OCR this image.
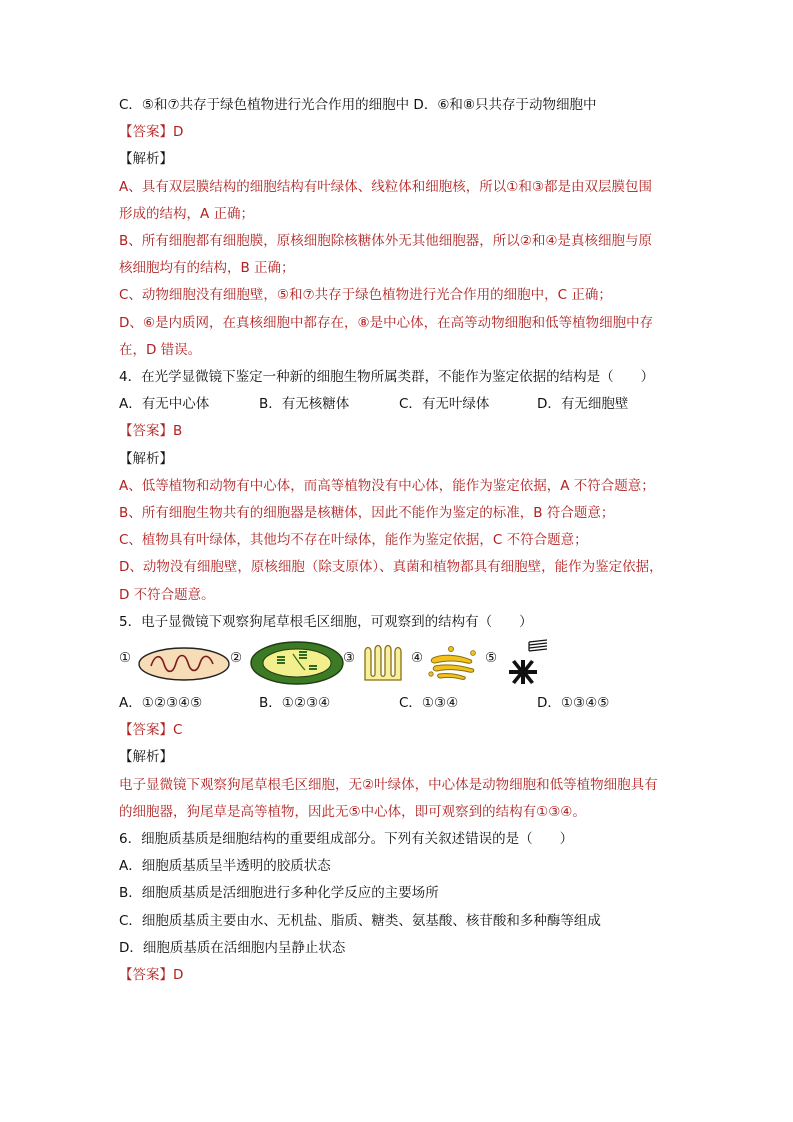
C．⑤和⑦共存于绿色植物进行光合作用的细胞中 D．⑥和⑧只共存于动物细胞中
【答案】D
【解析】
A、具有双层膜结构的细胞结构有叶绿体、线粒体和细胞核，所以①和③都是由双层膜包围
形成的结构，A 正确；
B、所有细胞都有细胞膜，原核细胞除核糖体外无其他细胞器，所以②和④是真核细胞与原
核细胞均有的结构，B 正确；
C、动物细胞没有细胞壁，⑤和⑦共存于绿色植物进行光合作用的细胞中，C 正确；
D、⑥是内质网，在真核细胞中都存在，⑧是中心体，在高等动物细胞和低等植物细胞中存
在，D 错误。
4．在光学显微镜下鉴定一种新的细胞生物所属类群，不能作为鉴定依据的结构是（　　）
A．有无中心体	B．有无核糖体	C．有无叶绿体	D．有无细胞壁
【答案】B
【解析】
A、低等植物和动物有中心体，而高等植物没有中心体，能作为鉴定依据，A 不符合题意；
B、所有细胞生物共有的细胞器是核糖体，因此不能作为鉴定的标准，B 符合题意；
C、植物具有叶绿体，其他均不存在叶绿体，能作为鉴定依据，C 不符合题意；
D、动物没有细胞壁，原核细胞（除支原体）、真菌和植物都具有细胞壁，能作为鉴定依据，
D 不符合题意。
5．电子显微镜下观察狗尾草根毛区细胞，可观察到的结构有（　　）
①	②	③	④	⑤
A．①②③④⑤	B．①②③④	C．①③④	D．①③④⑤
【答案】C
【解析】
电子显微镜下观察狗尾草根毛区细胞，无②叶绿体，中心体是动物细胞和低等植物细胞具有
的细胞器，狗尾草是高等植物，因此无⑤中心体，即可观察到的结构有①③④。
6．细胞质基质是细胞结构的重要组成部分。下列有关叙述错误的是（　　）
A．细胞质基质呈半透明的胶质状态
B．细胞质基质是活细胞进行多种化学反应的主要场所
C．细胞质基质主要由水、无机盐、脂质、糖类、氨基酸、核苷酸和多种酶等组成
D．细胞质基质在活细胞内呈静止状态
【答案】D
